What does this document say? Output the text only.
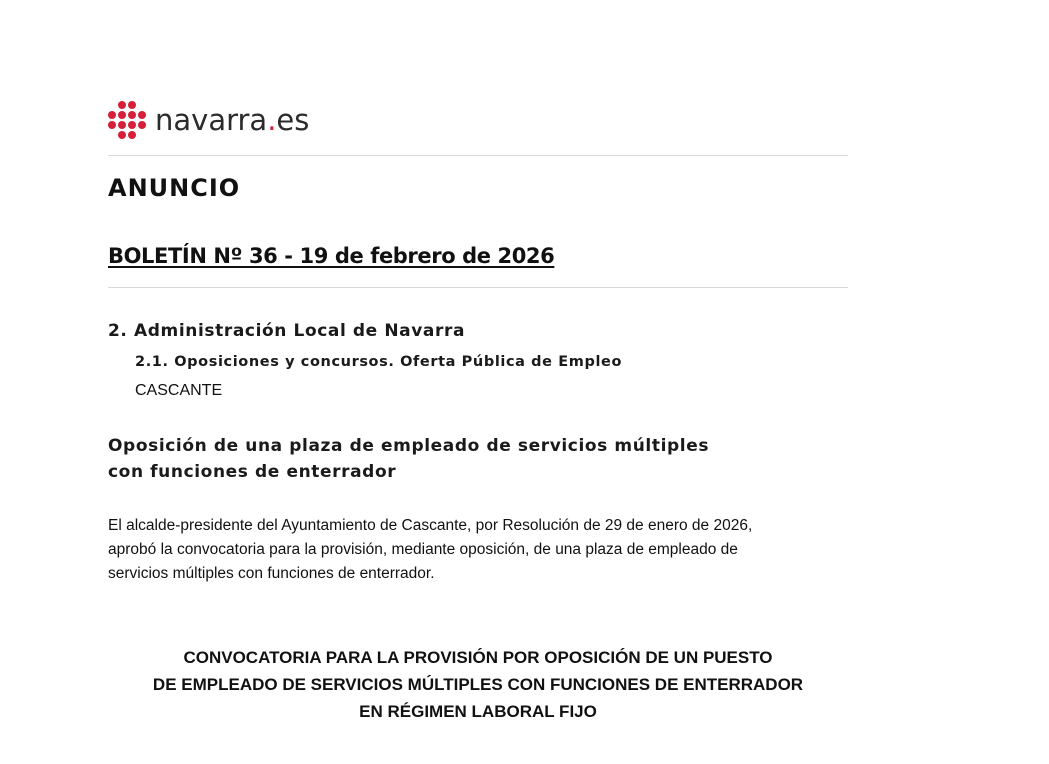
navarra.es
ANUNCIO
BOLETÍN Nº 36 - 19 de febrero de 2026
2. Administración Local de Navarra
2.1. Oposiciones y concursos. Oferta Pública de Empleo

CASCANTE

Oposición de una plaza de empleado de servicios múltiples
con funciones de enterrador

El alcalde-presidente del Ayuntamiento de Cascante, por Resolución de 29 de enero de 2026,
aprobó la convocatoria para la provisión, mediante oposición, de una plaza de empleado de
servicios múltiples con funciones de enterrador.

CONVOCATORIA PARA LA PROVISIÓN POR OPOSICIÓN DE UN PUESTO
DE EMPLEADO DE SERVICIOS MÚLTIPLES CON FUNCIONES DE ENTERRADOR
EN RÉGIMEN LABORAL FIJO
